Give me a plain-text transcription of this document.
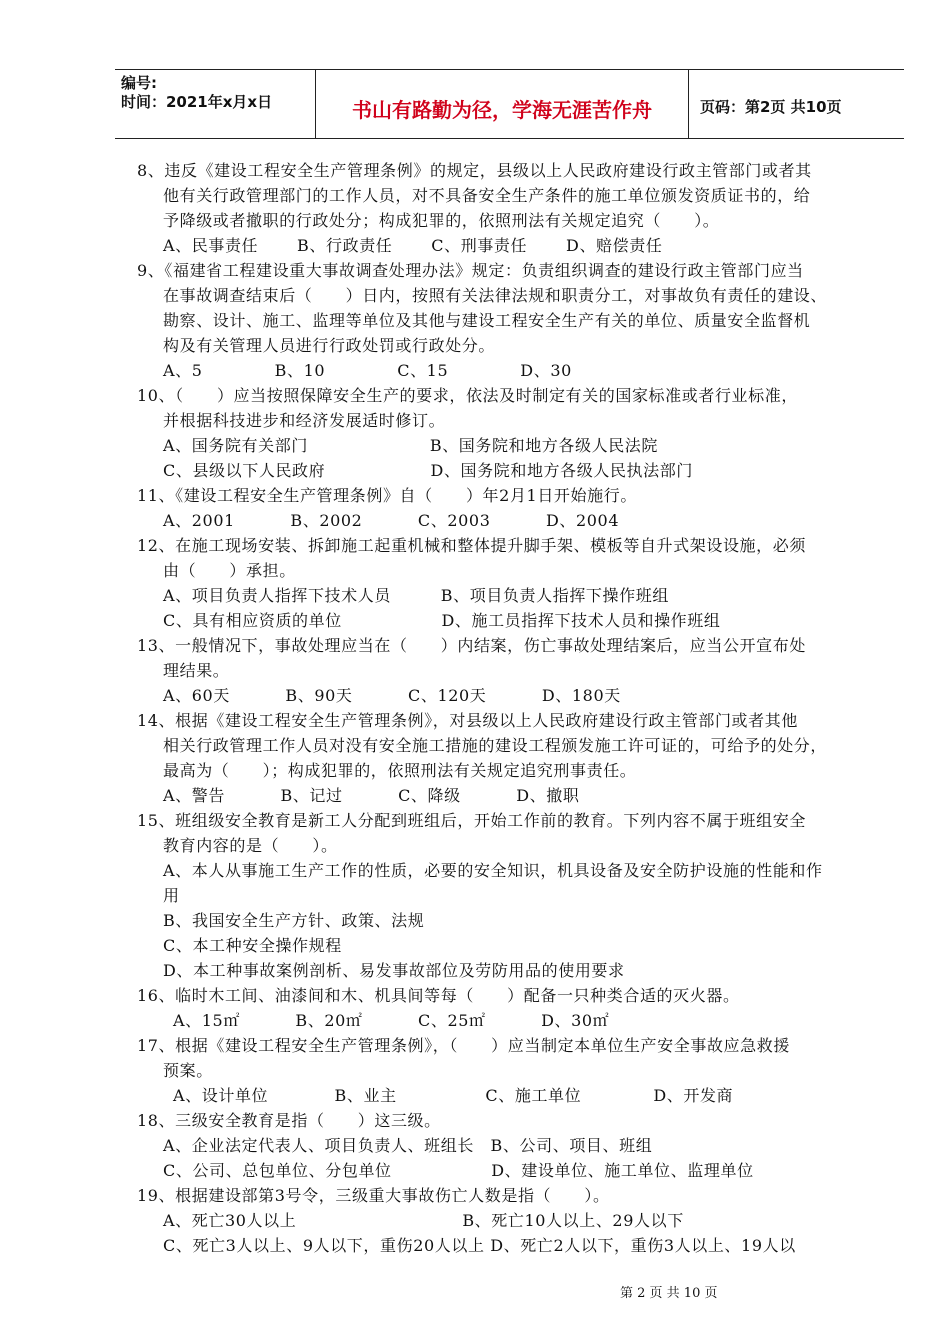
编号:
时间：2021年x月x日	书山有路勤为径，学海无涯苦作舟	页码：第2页 共10页
8、违反《建设工程安全生产管理条例》的规定，县级以上人民政府建设行政主管部门或者其
他有关行政管理部门的工作人员，对不具备安全生产条件的施工单位颁发资质证书的，给
予降级或者撤职的行政处分；构成犯罪的，依照刑法有关规定追究（　　）。
A、民事责任　　 B、行政责任　　 C、刑事责任　　 D、赔偿责任
9、《福建省工程建设重大事故调查处理办法》规定：负责组织调查的建设行政主管部门应当
在事故调查结束后（　　）日内，按照有关法律法规和职责分工，对事故负有责任的建设、
勘察、设计、施工、监理等单位及其他与建设工程安全生产有关的单位、质量安全监督机
构及有关管理人员进行行政处罚或行政处分。
A、5　　　　 B、10　　　　 C、15　　　　 D、30
10、（　　）应当按照保障安全生产的要求，依法及时制定有关的国家标准或者行业标准，
并根据科技进步和经济发展适时修订。
A、国务院有关部门　　　　　　　 B、国务院和地方各级人民法院
C、县级以下人民政府　　　　　　 D、国务院和地方各级人民执法部门
11、《建设工程安全生产管理条例》自（　　）年2月1日开始施行。
A、2001　　　 B、2002　　　 C、2003　　　 D、2004
12、在施工现场安装、拆卸施工起重机械和整体提升脚手架、模板等自升式架设设施，必须
由（　　）承担。
A、项目负责人指挥下技术人员　　　B、项目负责人指挥下操作班组
C、具有相应资质的单位　　　　　　D、施工员指挥下技术人员和操作班组
13、一般情况下，事故处理应当在（　　）内结案，伤亡事故处理结案后，应当公开宣布处
理结果。
A、60天　　　 B、90天　　　 C、120天　　　 D、180天
14、根据《建设工程安全生产管理条例》，对县级以上人民政府建设行政主管部门或者其他
相关行政管理工作人员对没有安全施工措施的建设工程颁发施工许可证的，可给予的处分，
最高为（　　）；构成犯罪的，依照刑法有关规定追究刑事责任。
A、警告　　　 B、记过　　　 C、降级　　　 D、撤职
15、班组级安全教育是新工人分配到班组后，开始工作前的教育。下列内容不属于班组安全
教育内容的是（　　）。
A、本人从事施工生产工作的性质，必要的安全知识，机具设备及安全防护设施的性能和作
用
B、我国安全生产方针、政策、法规
C、本工种安全操作规程
D、本工种事故案例剖析、易发事故部位及劳防用品的使用要求
16、临时木工间、油漆间和木、机具间等每（　　）配备一只种类合适的灭火器。
A、15㎡　　　 B、20㎡　　　 C、25㎡　　　 D、30㎡
17、根据《建设工程安全生产管理条例》，（　　）应当制定本单位生产安全事故应急救援
预案。
A、设计单位　　　　B、业主　　　　　 C、施工单位　　　　 D、开发商
18、三级安全教育是指（　　）这三级。
A、企业法定代表人、项目负责人、班组长　B、公司、项目、班组
C、公司、总包单位、分包单位　　　　　　D、建设单位、施工单位、监理单位
19、根据建设部第3号令，三级重大事故伤亡人数是指（　　）。
A、死亡30人以上　　　　　　　　　　B、死亡10人以上、29人以下
C、死亡3人以上、9人以下，重伤20人以上 D、死亡2人以下，重伤3人以上、19人以
第 2 页 共 10 页
